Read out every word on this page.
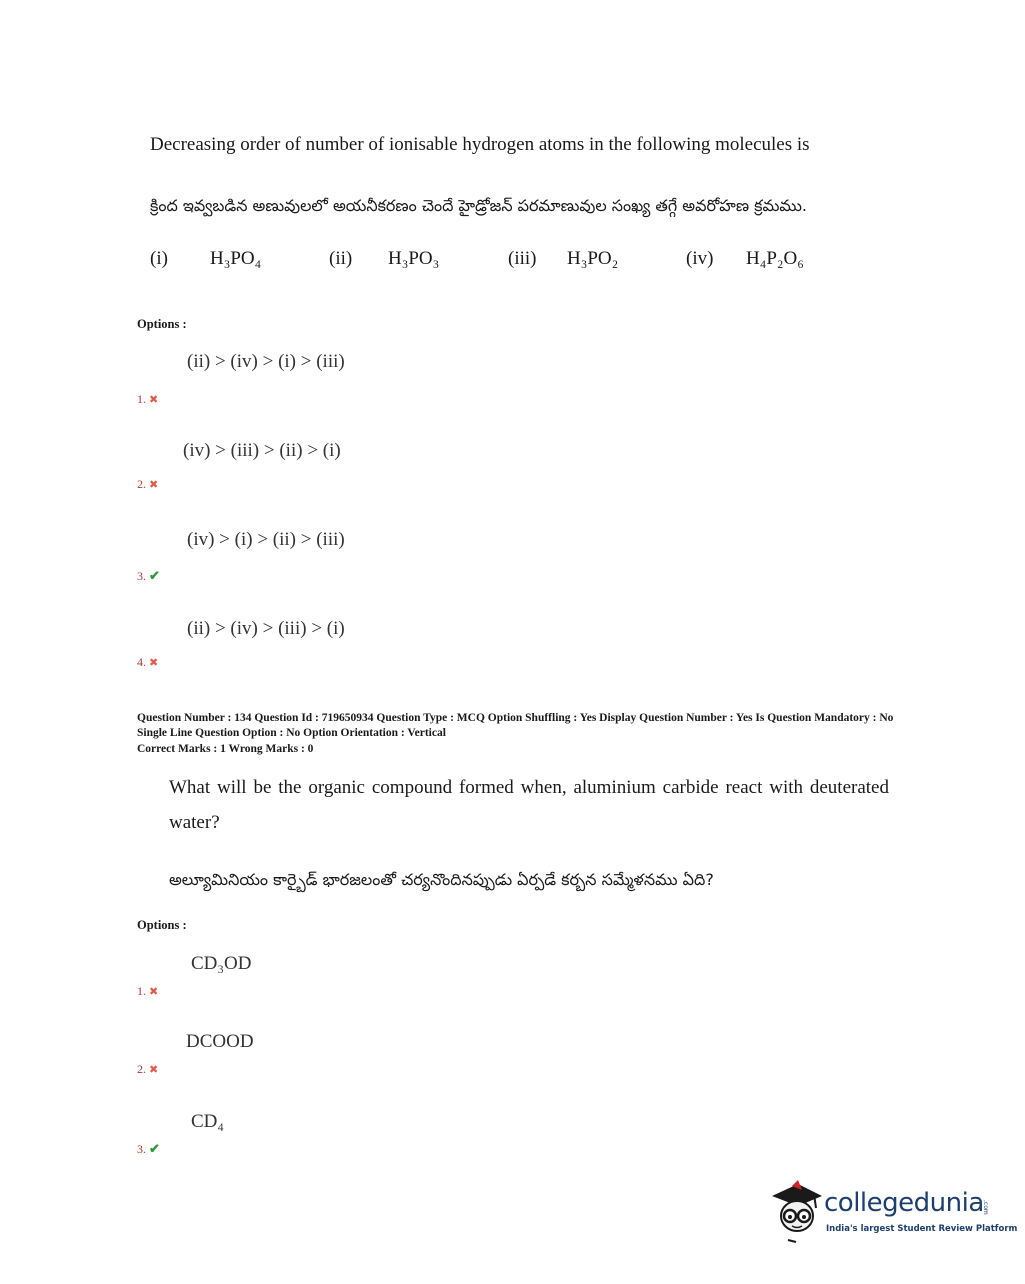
Decreasing order of number of ionisable hydrogen atoms in the following molecules is
క్రింద ఇవ్వబడిన అణువులలో అయనీకరణం చెందే హైడ్రోజన్ పరమాణువుల సంఖ్య తగ్గే అవరోహణ క్రమము.
(i) H₃PO₄	(ii) H₃PO₃	(iii) H₃PO₂	(iv) H₄P₂O₆
Options :
(ii) > (iv) > (i) > (iii)
1. ✖
(iv) > (iii) > (ii) > (i)
2. ✖
(iv) > (i) > (ii) > (iii)
3. ✔
(ii) > (iv) > (iii) > (i)
4. ✖
Question Number : 134 Question Id : 719650934 Question Type : MCQ Option Shuffling : Yes Display Question Number : Yes Is Question Mandatory : No Single Line Question Option : No Option Orientation : Vertical
Correct Marks : 1 Wrong Marks : 0
What will be the organic compound formed when, aluminium carbide react with deuterated water?
అల్యూమినియం కార్బైడ్ భారజలంతో చర్యనొందినప్పుడు ఏర్పడే కర్బన సమ్మేళనము ఏది?
Options :
CD₃OD
1. ✖
DCOOD
2. ✖
CD₄
3. ✔
collegedunia
.com
India's largest Student Review Platform
